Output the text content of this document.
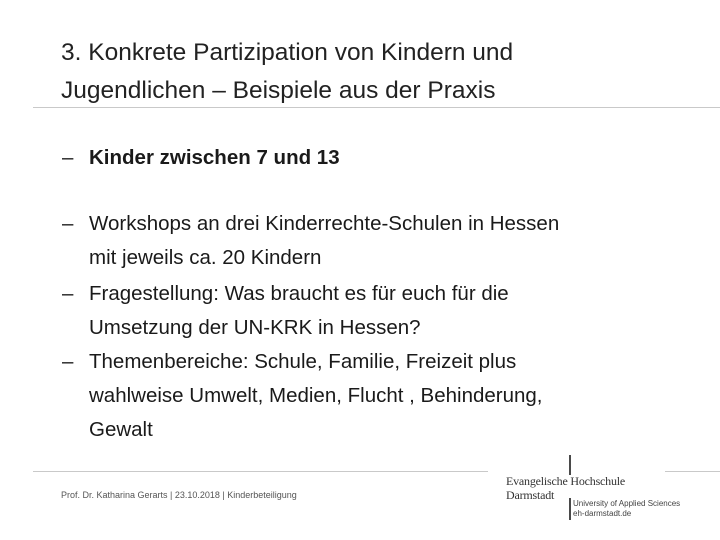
3. Konkrete Partizipation von Kindern und
Jugendlichen – Beispiele aus der Praxis
– Kinder zwischen 7 und 13
– Workshops an drei Kinderrechte-Schulen in Hessen
mit jeweils ca. 20 Kindern
– Fragestellung: Was braucht es für euch für die
Umsetzung der UN-KRK in Hessen?
– Themenbereiche: Schule, Familie, Freizeit plus
wahlweise Umwelt, Medien, Flucht , Behinderung,
Gewalt
Prof. Dr. Katharina Gerarts | 23.10.2018 | Kinderbeteiligung
Evangelische Hochschule
Darmstadt
University of Applied Sciences
eh-darmstadt.de
